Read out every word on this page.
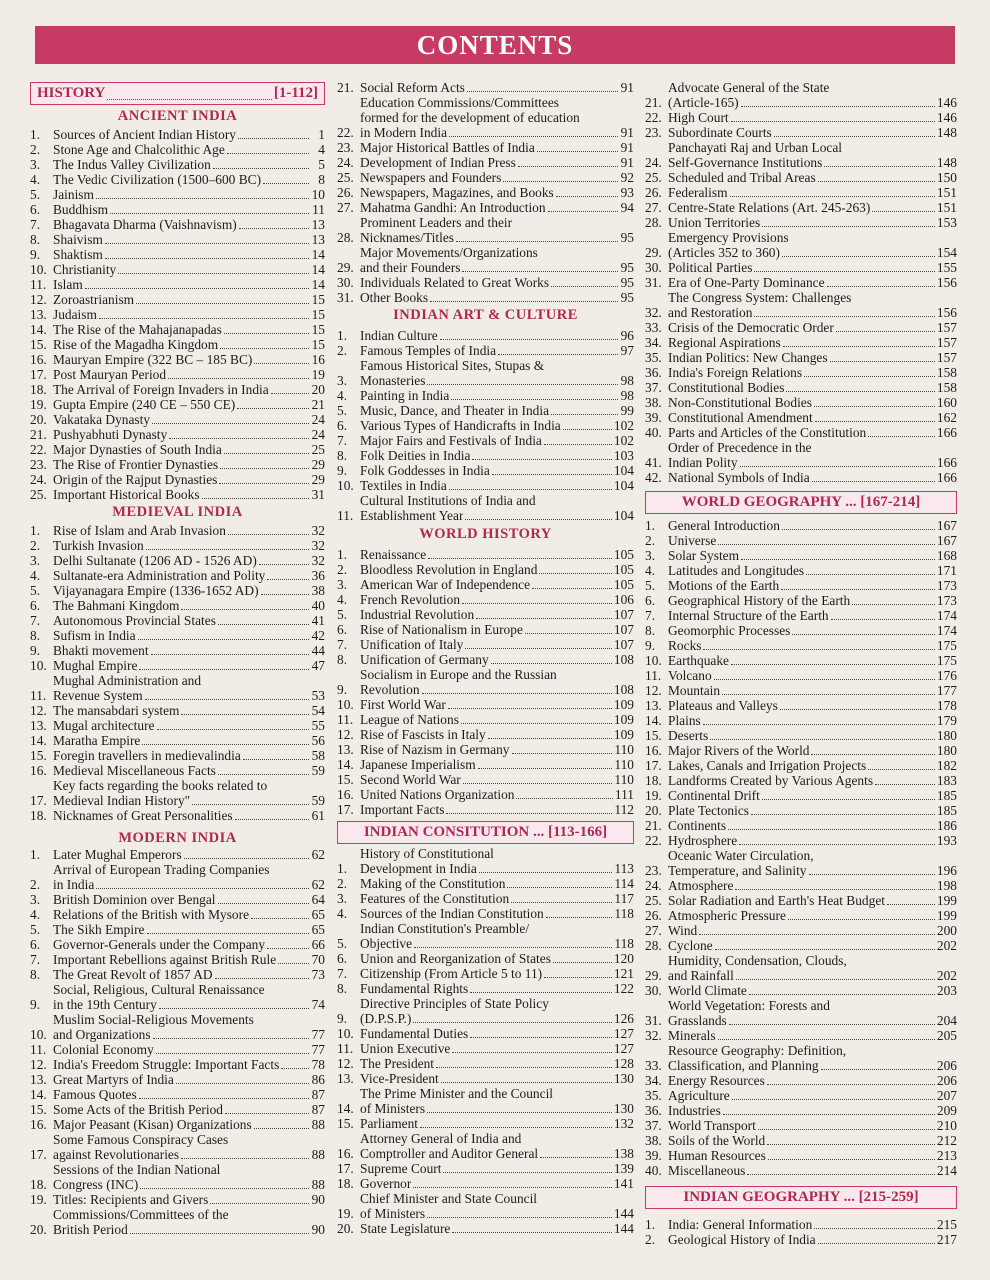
CONTENTS
HISTORY	[1-112]
ANCIENT INDIA
1. Sources of Ancient Indian History	1
2. Stone Age and Chalcolithic Age	4
3. The Indus Valley Civilization	5
4. The Vedic Civilization (1500–600 BC)	8
5. Jainism	10
6. Buddhism	11
7. Bhagavata Dharma (Vaishnavism)	13
8. Shaivism	13
9. Shaktism	14
10. Christianity	14
11. Islam	14
12. Zoroastrianism	15
13. Judaism	15
14. The Rise of the Mahajanapadas	15
15. Rise of the Magadha Kingdom	15
16. Mauryan Empire (322 BC – 185 BC)	16
17. Post Mauryan Period	19
18. The Arrival of Foreign Invaders in India	20
19. Gupta Empire (240 CE – 550 CE)	21
20. Vakataka Dynasty	24
21. Pushyabhuti Dynasty	24
22. Major Dynasties of South India	25
23. The Rise of Frontier Dynasties	29
24. Origin of the Rajput Dynasties	29
25. Important Historical Books	31
MEDIEVAL INDIA
1. Rise of Islam and Arab Invasion	32
2. Turkish Invasion	32
3. Delhi Sultanate (1206 AD - 1526 AD)	32
4. Sultanate-era Administration and Polity	36
5. Vijayanagara Empire (1336-1652 AD)	38
6. The Bahmani Kingdom	40
7. Autonomous Provincial States	41
8. Sufism in India	42
9. Bhakti movement	44
10. Mughal Empire	47
11.
Mughal Administration and
Revenue System	53
12. The mansabdari system	54
13. Mugal architecture	55
14. Maratha Empire	56
15. Foregin travellers in medievalindia	58
16. Medieval Miscellaneous Facts	59
17.
Key facts regarding the books related to
Medieval Indian History"	59
18. Nicknames of Great Personalities	61
MODERN INDIA
1. Later Mughal Emperors	62
2.
Arrival of European Trading Companies
in India	62
3. British Dominion over Bengal	64
4. Relations of the British with Mysore	65
5. The Sikh Empire	65
6. Governor-Generals under the Company	66
7. Important Rebellions against British Rule	70
8. The Great Revolt of 1857 AD	73
9.
Social, Religious, Cultural Renaissance
in the 19th Century	74
10.
Muslim Social-Religious Movements
and Organizations	77
11. Colonial Economy	77
12. India's Freedom Struggle: Important Facts 78
13. Great Martyrs of India	86
14. Famous Quotes	87
15. Some Acts of the British Period	87
16. Major Peasant (Kisan) Organizations	88
17.
Some Famous Conspiracy Cases
against Revolutionaries	88
18.
Sessions of the Indian National
Congress (INC)	88
19. Titles: Recipients and Givers	90
20.
Commissions/Committees of the
British Period	90
21. Social Reform Acts	91
22.
Education Commissions/Committees
formed for the development of education
in Modern India	91
23. Major Historical Battles of India	91
24. Development of Indian Press	91
25. Newspapers and Founders	92
26. Newspapers, Magazines, and Books	93
27. Mahatma Gandhi: An Introduction	94
28.
Prominent Leaders and their
Nicknames/Titles	95
29.
Major Movements/Organizations
and their Founders	95
30. Individuals Related to Great Works	95
31. Other Books	95
INDIAN ART & CULTURE
1. Indian Culture	96
2. Famous Temples of India	97
3.
Famous Historical Sites, Stupas &
Monasteries	98
4. Painting in India	98
5. Music, Dance, and Theater in India	99
6. Various Types of Handicrafts in India	102
7. Major Fairs and Festivals of India	102
8. Folk Deities in India	103
9. Folk Goddesses in India	104
10. Textiles in India	104
11.
Cultural Institutions of India and
Establishment Year	104
WORLD HISTORY
1. Renaissance	105
2. Bloodless Revolution in England	105
3. American War of Independence	105
4. French Revolution	106
5. Industrial Revolution	107
6. Rise of Nationalism in Europe	107
7. Unification of Italy	107
8. Unification of Germany	108
9.
Socialism in Europe and the Russian
Revolution	108
10. First World War	109
11. League of Nations	109
12. Rise of Fascists in Italy	109
13. Rise of Nazism in Germany	110
14. Japanese Imperialism	110
15. Second World War	110
16. United Nations Organization	111
17. Important Facts	112
INDIAN CONSITUTION ... [113-166]
1.
History of Constitutional
Development in India	113
2. Making of the Constitution	114
3. Features of the Constitution	117
4. Sources of the Indian Constitution	118
5.
Indian Constitution's Preamble/
Objective	118
6. Union and Reorganization of States	120
7. Citizenship (From Article 5 to 11)	121
8. Fundamental Rights	122
9.
Directive Principles of State Policy
(D.P.S.P.)	126
10. Fundamental Duties	127
11. Union Executive	127
12. The President	128
13. Vice-President	130
14.
The Prime Minister and the Council
of Ministers	130
15. Parliament	132
16.
Attorney General of India and
Comptroller and Auditor General	138
17. Supreme Court	139
18. Governor	141
19.
Chief Minister and State Council
of Ministers	144
20. State Legislature	144
21.
Advocate General of the State
(Article-165)	146
22. High Court	146
23. Subordinate Courts	148
24.
Panchayati Raj and Urban Local
Self-Governance Institutions	148
25. Scheduled and Tribal Areas	150
26. Federalism	151
27. Centre-State Relations (Art. 245-263)	151
28. Union Territories	153
29.
Emergency Provisions
(Articles 352 to 360)	154
30. Political Parties	155
31. Era of One-Party Dominance	156
32.
The Congress System: Challenges
and Restoration	156
33. Crisis of the Democratic Order	157
34. Regional Aspirations	157
35. Indian Politics: New Changes	157
36. India's Foreign Relations	158
37. Constitutional Bodies	158
38. Non-Constitutional Bodies	160
39. Constitutional Amendment	162
40. Parts and Articles of the Constitution	166
41.
Order of Precedence in the
Indian Polity	166
42. National Symbols of India	166
WORLD GEOGRAPHY ... [167-214]
1. General Introduction	167
2. Universe	167
3. Solar System	168
4. Latitudes and Longitudes	171
5. Motions of the Earth	173
6. Geographical History of the Earth	173
7. Internal Structure of the Earth	174
8. Geomorphic Processes	174
9. Rocks	175
10. Earthquake	175
11. Volcano	176
12. Mountain	177
13. Plateaus and Valleys	178
14. Plains	179
15. Deserts	180
16. Major Rivers of the World	180
17. Lakes, Canals and Irrigation Projects	182
18. Landforms Created by Various Agents	183
19. Continental Drift	185
20. Plate Tectonics	185
21. Continents	186
22. Hydrosphere	193
23.
Oceanic Water Circulation,
Temperature, and Salinity	196
24. Atmosphere	198
25. Solar Radiation and Earth's Heat Budget	199
26. Atmospheric Pressure	199
27. Wind	200
28. Cyclone	202
29.
Humidity, Condensation, Clouds,
and Rainfall	202
30. World Climate	203
31.
World Vegetation: Forests and
Grasslands	204
32. Minerals	205
33.
Resource Geography: Definition,
Classification, and Planning	206
34. Energy Resources	206
35. Agriculture	207
36. Industries	209
37. World Transport	210
38. Soils of the World	212
39. Human Resources	213
40. Miscellaneous	214
INDIAN GEOGRAPHY ... [215-259]
1. India: General Information	215
2. Geological History of India	217
